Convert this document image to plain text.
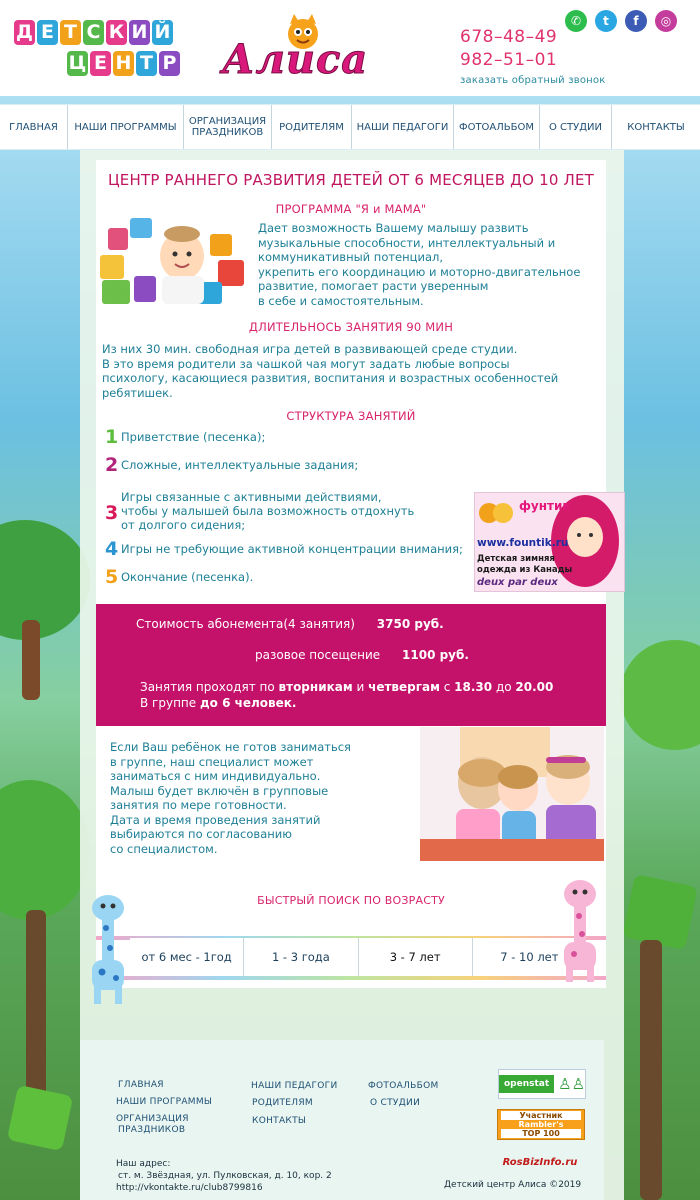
Д Е Т С К И Й
Ц Е Н Т Р Алиса	678–48–49
982–51–01
заказать обратный звонок
✆	t	f	◎
ГЛАВНАЯ	НАШИ ПРОГРАММЫ	ОРГАНИЗАЦИЯ ПРАЗДНИКОВ	РОДИТЕЛЯМ	НАШИ ПЕДАГОГИ	ФОТОАЛЬБОМ	О СТУДИИ	КОНТАКТЫ
ЦЕНТР РАННЕГО РАЗВИТИЯ ДЕТЕЙ ОТ 6 МЕСЯЦЕВ ДО 10 ЛЕТ
ПРОГРАММА "Я и МАМА"
Дает возможность Вашему малышу развить
музыкальные способности, интеллектуальный и
коммуникативный потенциал,
укрепить его координацию и моторно-двигательное
развитие, помогает расти уверенным
в себе и самостоятельным.
ДЛИТЕЛЬНОСЬ ЗАНЯТИЯ 90 МИН
Из них 30 мин. свободная игра детей в развивающей среде студии.
В это время родители за чашкой чая могут задать любые вопросы
психологу, касающиеся развития, воспитания и возрастных особенностей
ребятишек.
СТРУКТУРА ЗАНЯТИЙ
1 Приветствие (песенка);
2 Сложные, интеллектуальные задания;
3
Игры связанные с активными действиями,
чтобы у малышей была возможность отдохнуть
от долгого сидения;
4 Игры не требующие активной концентрации внимания;
5 Окончание (песенка).
фунтик
www.fountik.ru
Детская зимняя
одежда из Канады
deux par deux
Стоимость абонемента(4 занятия) 3750 руб.
разовое посещение 1100 руб.
Занятия проходят по вторникам и четвергам с 18.30 до 20.00
В группе до 6 человек.
Если Ваш ребёнок не готов заниматься
в группе, наш специалист может
заниматься с ним индивидуально.
Малыш будет включён в групповые
занятия по мере готовности.
Дата и время проведения занятий
выбираются по согласованию
со специалистом.
БЫСТРЫЙ ПОИСК ПО ВОЗРАСТУ
от 6 мес - 1год	1 - 3 года	3 - 7 лет	7 - 10 лет
ГЛАВНАЯ
НАШИ ПРОГРАММЫ
ОРГАНИЗАЦИЯ
ПРАЗДНИКОВ
НАШИ ПЕДАГОГИ
РОДИТЕЛЯМ
КОНТАКТЫ
ФОТОАЛЬБОМ
О СТУДИИ
openstat ♙♙
Участник
Rambler's
TOP 100
RosBizInfo.ru
Наш адрес:
ст. м. Звёздная, ул. Пулковская, д. 10, кор. 2
http://vkontakte.ru/club8799816	Детский центр Алиса ©2019
